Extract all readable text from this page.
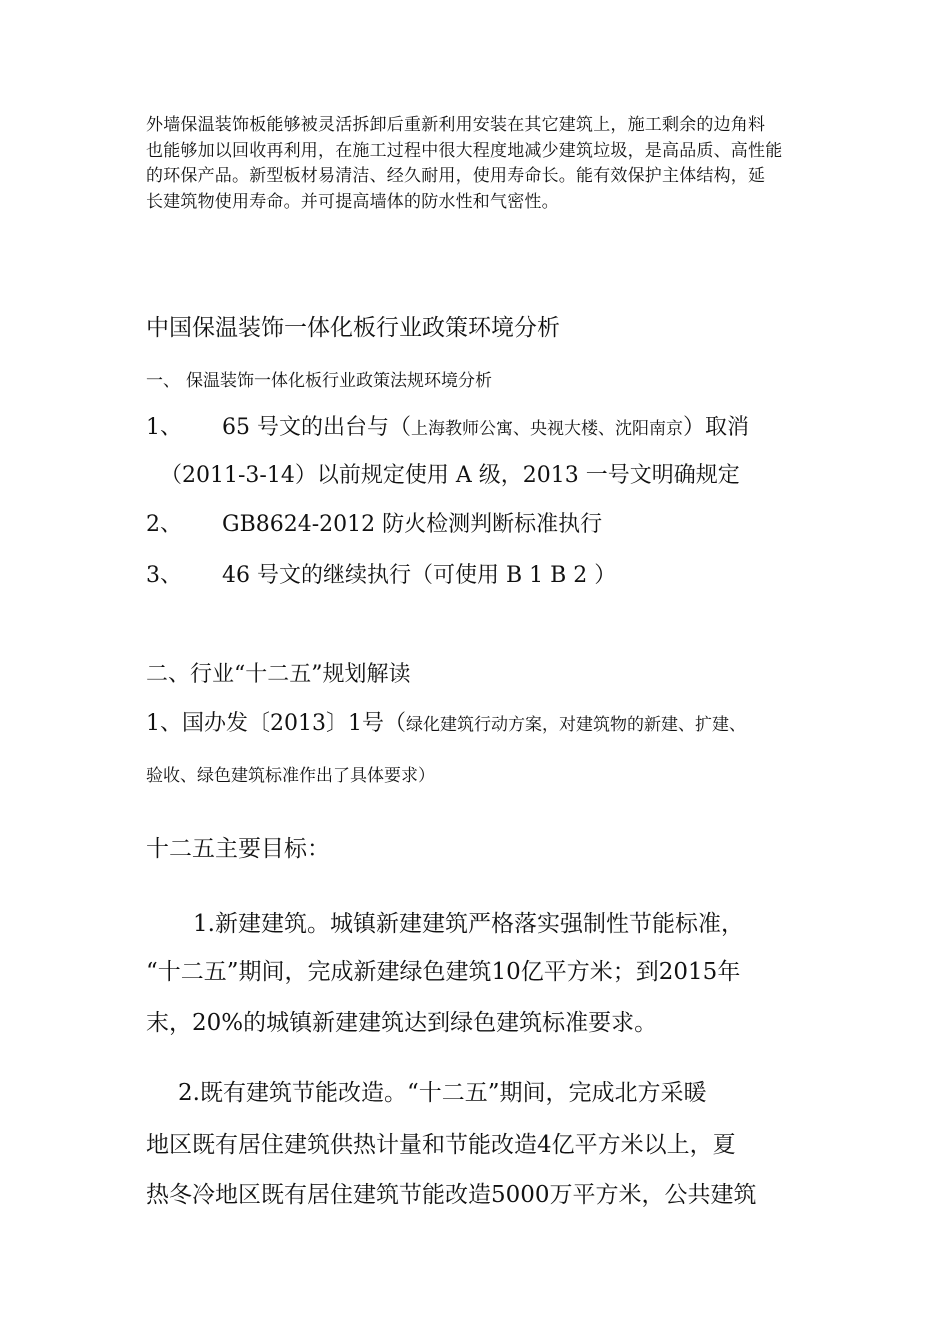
外墙保温装饰板能够被灵活拆卸后重新利用安装在其它建筑上，施工剩余的边角料
也能够加以回收再利用，在施工过程中很大程度地减少建筑垃圾，是高品质、高性能
的环保产品。新型板材易清洁、经久耐用，使用寿命长。能有效保护主体结构，延
长建筑物使用寿命。并可提高墙体的防水性和气密性。
中国保温装饰一体化板行业政策环境分析
一、 保温装饰一体化板行业政策法规环境分析
1、 65 号文的出台与（上海教师公寓、央视大楼、沈阳南京）取消
（2011-3-14）以前规定使用 A 级，2013 一号文明确规定
2、 GB8624-2012 防火检测判断标准执行
3、 46 号文的继续执行（可使用 B 1 B 2 ）
二、行业“十二五”规划解读
1、国办发〔2013〕1号（绿化建筑行动方案，对建筑物的新建、扩建、
验收、绿色建筑标准作出了具体要求）
十二五主要目标：
1.新建建筑。城镇新建建筑严格落实强制性节能标准，
“十二五”期间，完成新建绿色建筑10亿平方米；到2015年
末，20%的城镇新建建筑达到绿色建筑标准要求。
2.既有建筑节能改造。“十二五”期间，完成北方采暖
地区既有居住建筑供热计量和节能改造4亿平方米以上，夏
热冬冷地区既有居住建筑节能改造5000万平方米，公共建筑
